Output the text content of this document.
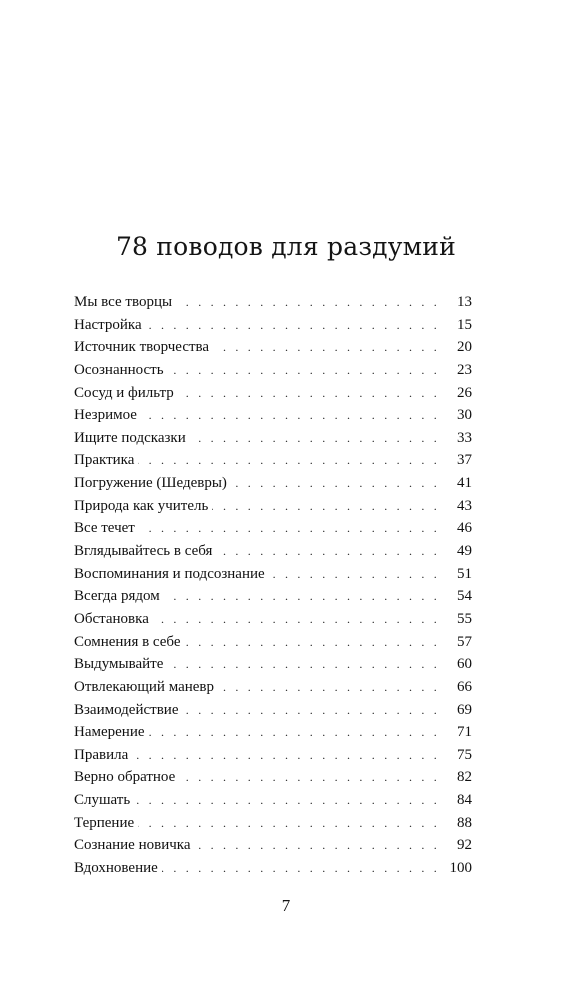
78 поводов для раздумий
Мы все творцы . . .	13
Настройка . . .	15
Источник творчества . . .	20
Осознанность . . .	23
Сосуд и фильтр . . .	26
Незримое . . .	30
Ищите подсказки . . .	33
Практика . . .	37
Погружение (Шедевры) . . .	41
Природа как учитель . . .	43
Все течет . . .	46
Вглядывайтесь в себя . . .	49
Воспоминания и подсознание . . .	51
Всегда рядом . . .	54
Обстановка . . .	55
Сомнения в себе . . .	57
Выдумывайте . . .	60
Отвлекающий маневр . . .	66
Взаимодействие . . .	69
Намерение . . .	71
Правила . . .	75
Верно обратное . . .	82
Слушать . . .	84
Терпение . . .	88
Сознание новичка . . .	92
Вдохновение . . .	100
7
